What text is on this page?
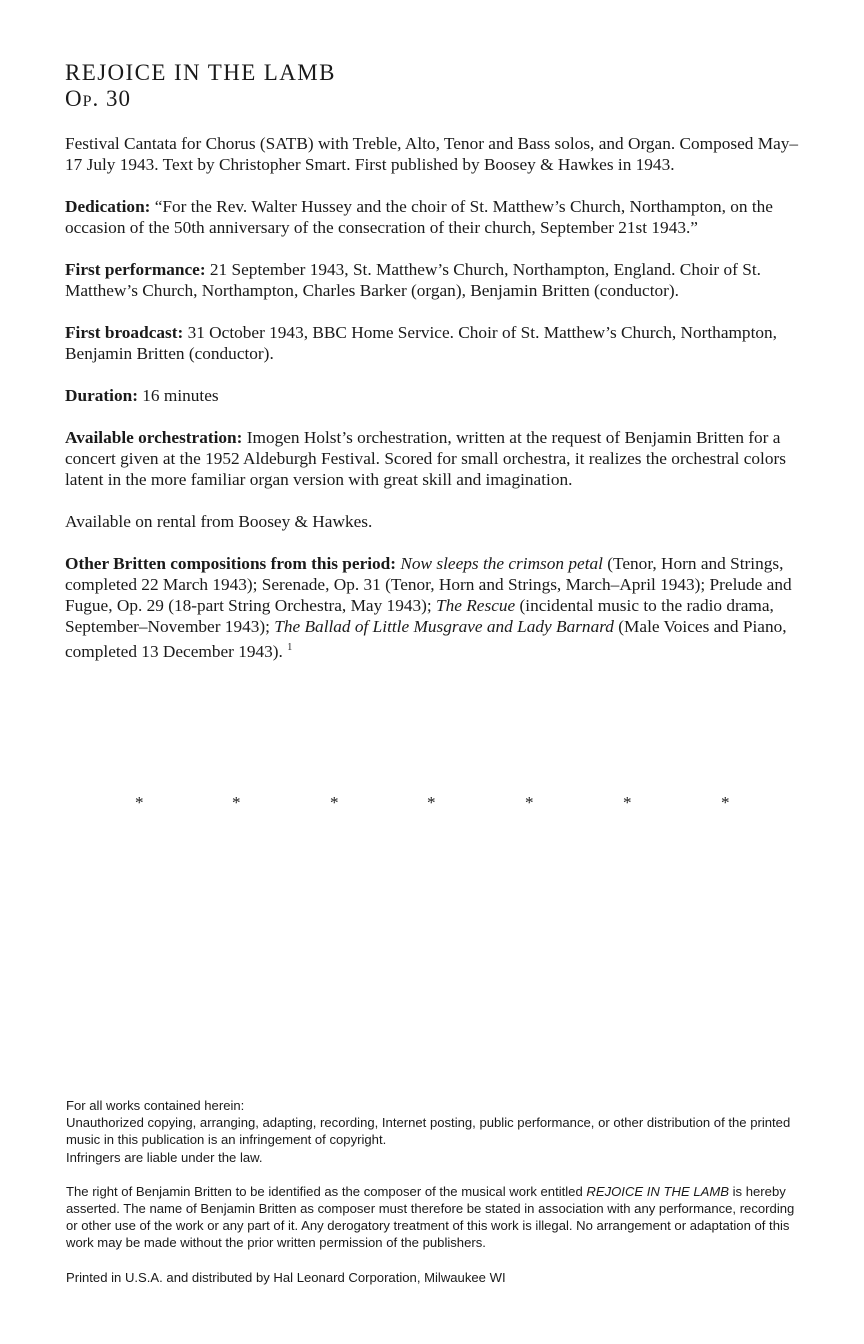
REJOICE IN THE LAMB
Op. 30

Festival Cantata for Chorus (SATB) with Treble, Alto, Tenor and Bass solos, and Organ. Composed May–17 July 1943. Text by Christopher Smart. First published by Boosey & Hawkes in 1943.

Dedication: “For the Rev. Walter Hussey and the choir of St. Matthew’s Church, Northampton, on the occasion of the 50th anniversary of the consecration of their church, September 21st 1943.”

First performance: 21 September 1943, St. Matthew’s Church, Northampton, England. Choir of St. Matthew’s Church, Northampton, Charles Barker (organ), Benjamin Britten (conductor).

First broadcast: 31 October 1943, BBC Home Service. Choir of St. Matthew’s Church, Northampton, Benjamin Britten (conductor).

Duration: 16 minutes

Available orchestration: Imogen Holst’s orchestration, written at the request of Benjamin Britten for a concert given at the 1952 Aldeburgh Festival. Scored for small orchestra, it realizes the orchestral colors latent in the more familiar organ version with great skill and imagination.

Available on rental from Boosey & Hawkes.

Other Britten compositions from this period: Now sleeps the crimson petal (Tenor, Horn and Strings, completed 22 March 1943); Serenade, Op. 31 (Tenor, Horn and Strings, March–April 1943); Prelude and Fugue, Op. 29 (18-part String Orchestra, May 1943); The Rescue (incidental music to the radio drama, September–November 1943); The Ballad of Little Musgrave and Lady Barnard (Male Voices and Piano, completed 13 December 1943). $^1$

*	*	*	*	*	*	*

For all works contained herein:
Unauthorized copying, arranging, adapting, recording, Internet posting, public performance, or other distribution of the printed music in this publication is an infringement of copyright.
Infringers are liable under the law.

The right of Benjamin Britten to be identified as the composer of the musical work entitled REJOICE IN THE LAMB is hereby asserted. The name of Benjamin Britten as composer must therefore be stated in association with any performance, recording or other use of the work or any part of it. Any derogatory treatment of this work is illegal. No arrangement or adaptation of this work may be made without the prior written permission of the publishers.

Printed in U.S.A. and distributed by Hal Leonard Corporation, Milwaukee WI
